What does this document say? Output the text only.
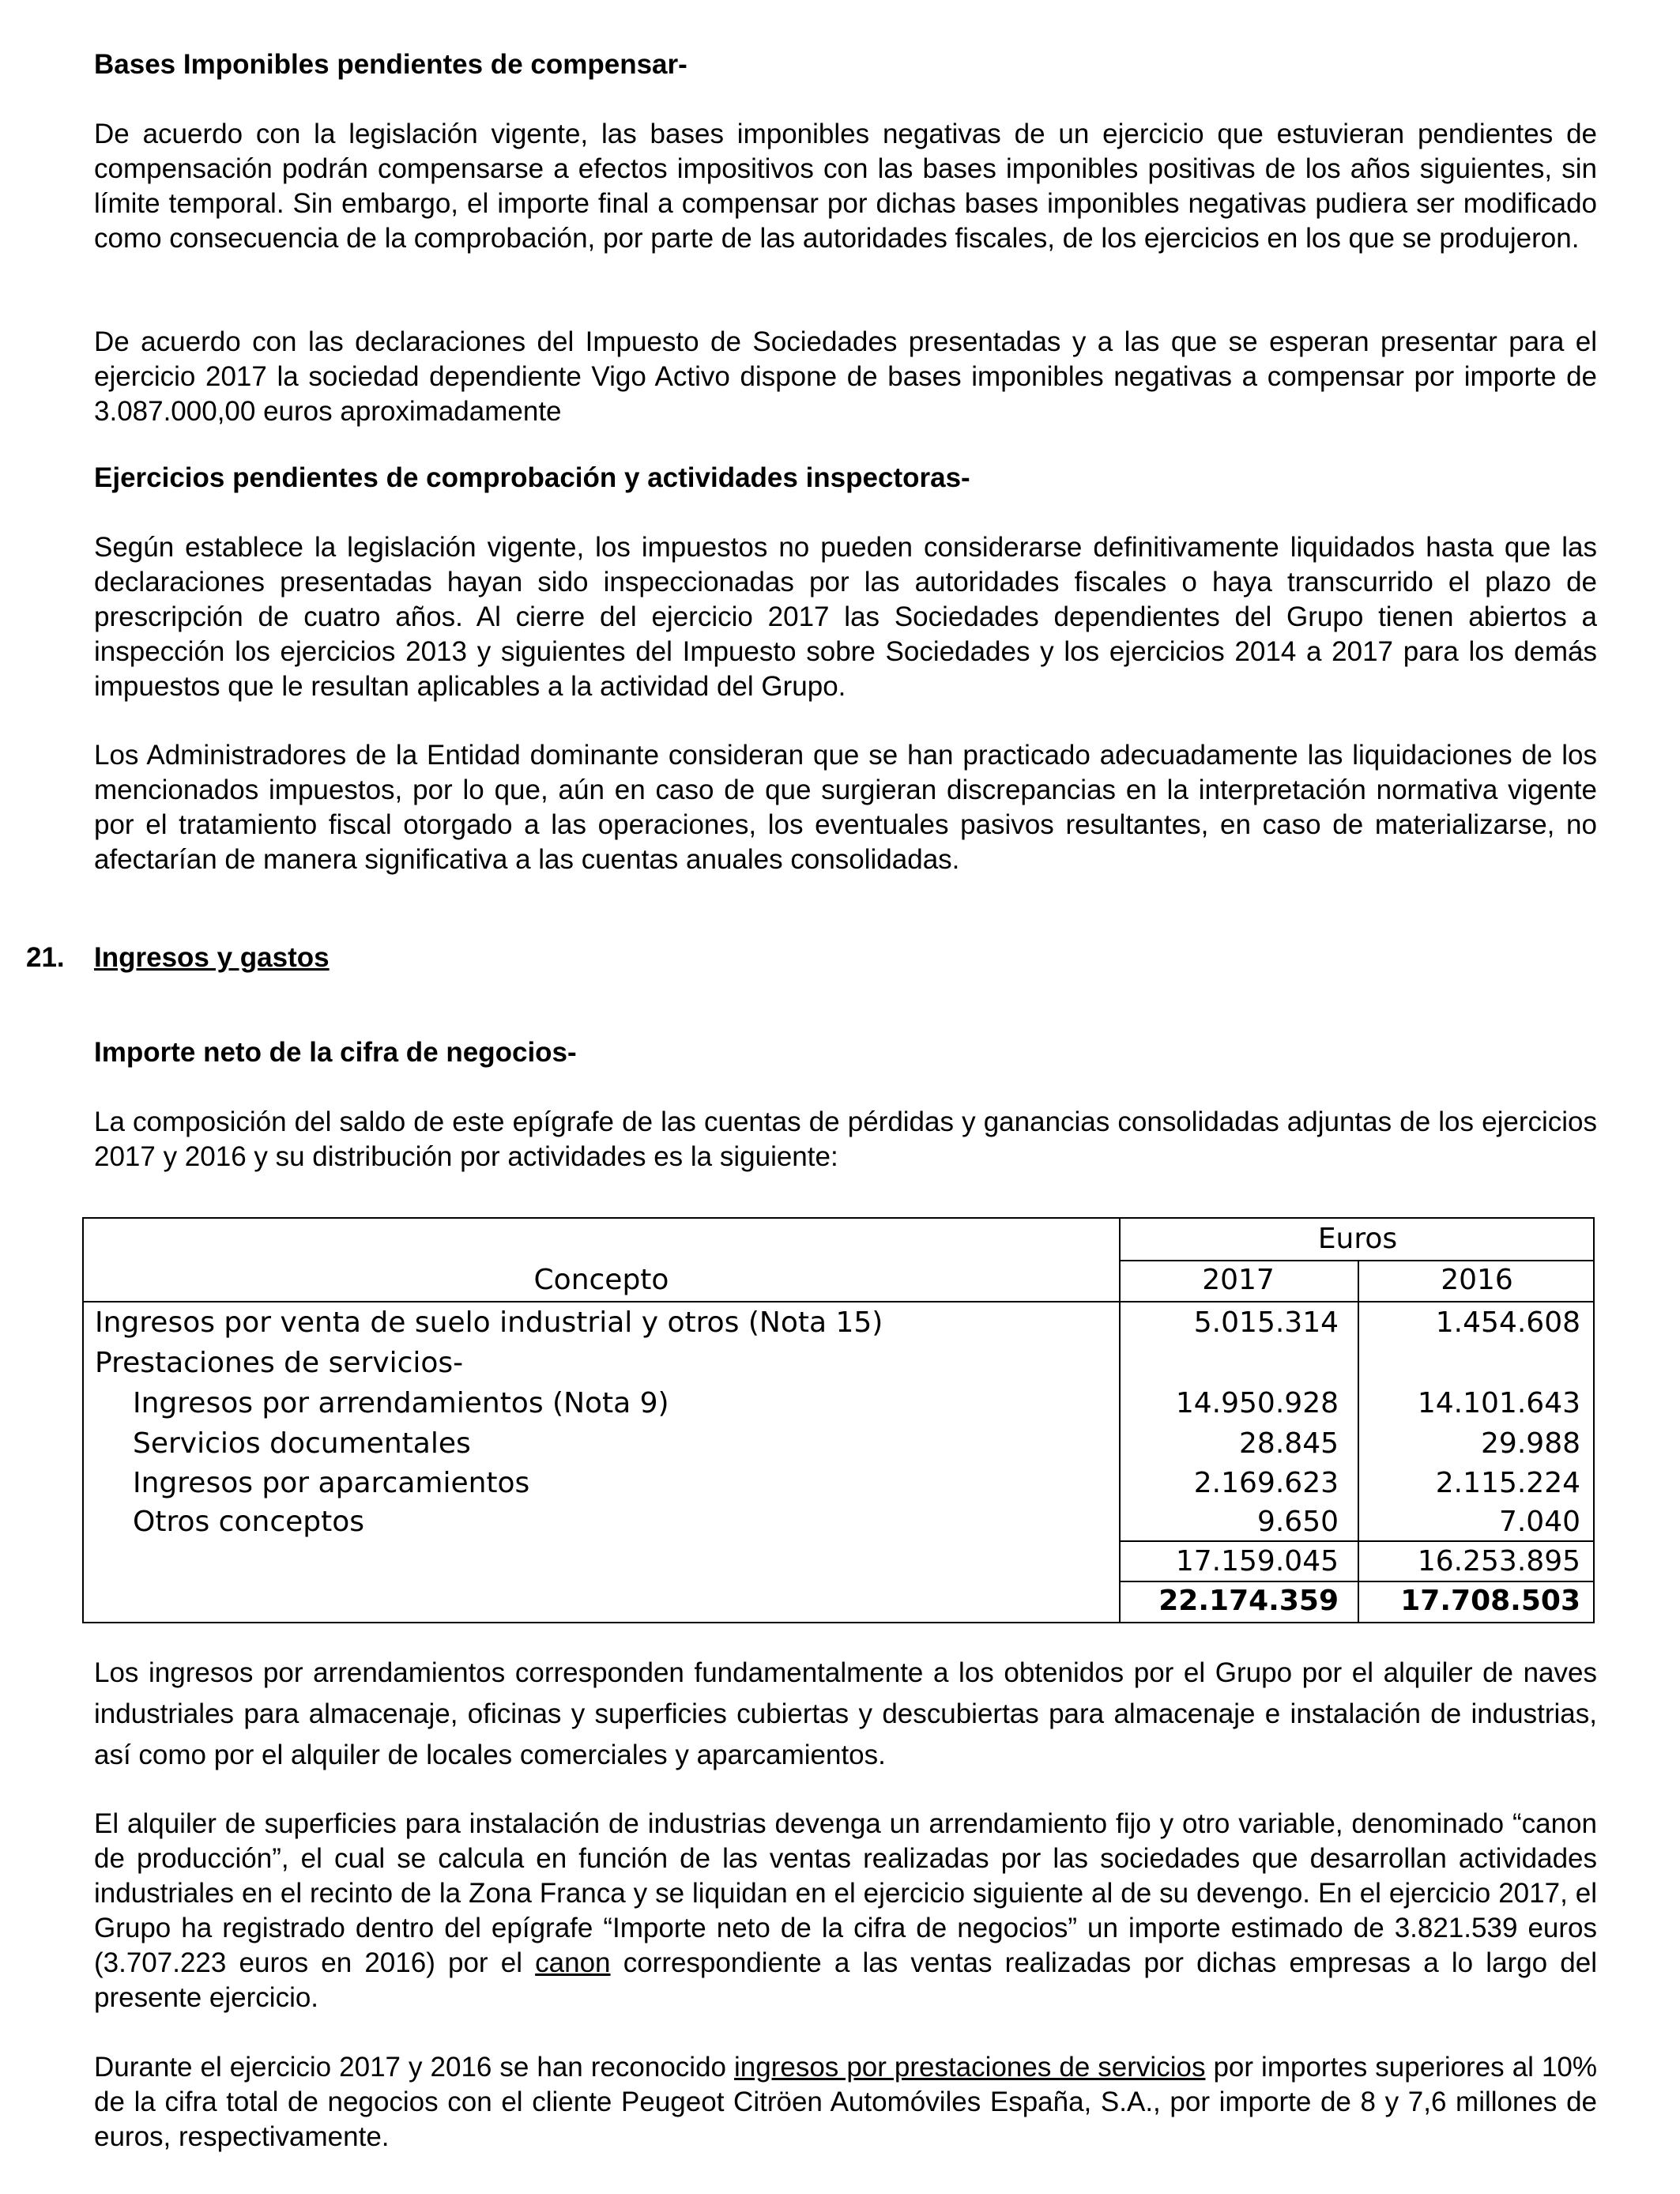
Bases Imponibles pendientes de compensar-

De acuerdo con la legislación vigente, las bases imponibles negativas de un ejercicio que estuvieran pendientes de compensación podrán compensarse a efectos impositivos con las bases imponibles positivas de los años siguientes, sin límite temporal. Sin embargo, el importe final a compensar por dichas bases imponibles negativas pudiera ser modificado como consecuencia de la comprobación, por parte de las autoridades fiscales, de los ejercicios en los que se produjeron.

De acuerdo con las declaraciones del Impuesto de Sociedades presentadas y a las que se esperan presentar para el ejercicio 2017 la sociedad dependiente Vigo Activo dispone de bases imponibles negativas a compensar por importe de 3.087.000,00 euros aproximadamente

Ejercicios pendientes de comprobación y actividades inspectoras-

Según establece la legislación vigente, los impuestos no pueden considerarse definitivamente liquidados hasta que las declaraciones presentadas hayan sido inspeccionadas por las autoridades fiscales o haya transcurrido el plazo de prescripción de cuatro años. Al cierre del ejercicio 2017 las Sociedades dependientes del Grupo tienen abiertos a inspección los ejercicios 2013 y siguientes del Impuesto sobre Sociedades y los ejercicios 2014 a 2017 para los demás impuestos que le resultan aplicables a la actividad del Grupo.

Los Administradores de la Entidad dominante consideran que se han practicado adecuadamente las liquidaciones de los mencionados impuestos, por lo que, aún en caso de que surgieran discrepancias en la interpretación normativa vigente por el tratamiento fiscal otorgado a las operaciones, los eventuales pasivos resultantes, en caso de materializarse, no afectarían de manera significativa a las cuentas anuales consolidadas.

21. Ingresos y gastos

Importe neto de la cifra de negocios-

La composición del saldo de este epígrafe de las cuentas de pérdidas y ganancias consolidadas adjuntas de los ejercicios 2017 y 2016 y su distribución por actividades es la siguiente:

Euros
Concepto	2017	2016
Ingresos por venta de suelo industrial y otros (Nota 15)	5.015.314	1.454.608
Prestaciones de servicios-
Ingresos por arrendamientos (Nota 9)	14.950.928	14.101.643
Servicios documentales	28.845	29.988
Ingresos por aparcamientos	2.169.623	2.115.224
Otros conceptos	9.650	7.040
17.159.045	16.253.895
22.174.359	17.708.503

Los ingresos por arrendamientos corresponden fundamentalmente a los obtenidos por el Grupo por el alquiler de naves industriales para almacenaje, oficinas y superficies cubiertas y descubiertas para almacenaje e instalación de industrias, así como por el alquiler de locales comerciales y aparcamientos.

El alquiler de superficies para instalación de industrias devenga un arrendamiento fijo y otro variable, denominado “canon de producción”, el cual se calcula en función de las ventas realizadas por las sociedades que desarrollan actividades industriales en el recinto de la Zona Franca y se liquidan en el ejercicio siguiente al de su devengo. En el ejercicio 2017, el Grupo ha registrado dentro del epígrafe “Importe neto de la cifra de negocios” un importe estimado de 3.821.539 euros (3.707.223 euros en 2016) por el canon correspondiente a las ventas realizadas por dichas empresas a lo largo del presente ejercicio.

Durante el ejercicio 2017 y 2016 se han reconocido ingresos por prestaciones de servicios por importes superiores al 10% de la cifra total de negocios con el cliente Peugeot Citröen Automóviles España, S.A., por importe de 8 y 7,6 millones de euros, respectivamente.
